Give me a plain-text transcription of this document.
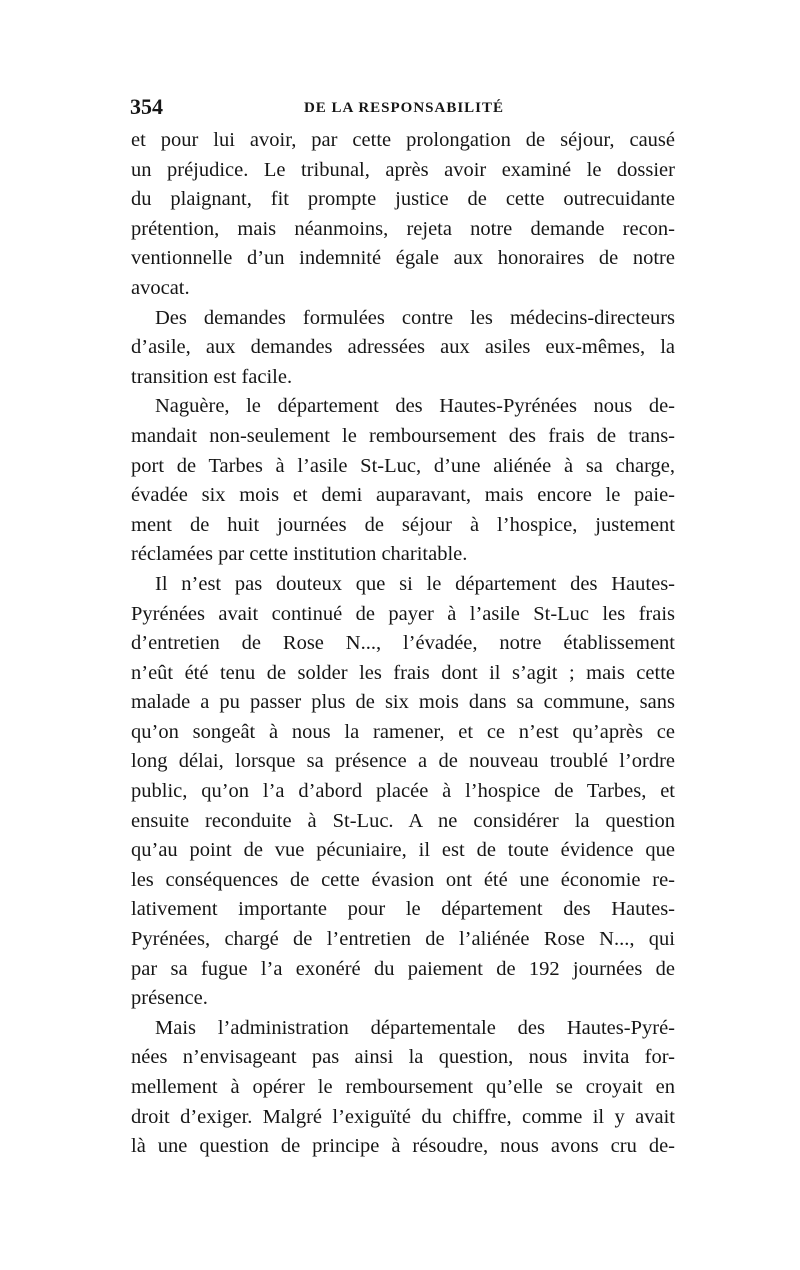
354	DE LA RESPONSABILITÉ
et pour lui avoir, par cette prolongation de séjour, causé
un préjudice. Le tribunal, après avoir examiné le dossier
du plaignant, fit prompte justice de cette outrecuidante
prétention, mais néanmoins, rejeta notre demande recon-
ventionnelle d’un indemnité égale aux honoraires de notre
avocat.
Des demandes formulées contre les médecins-directeurs
d’asile, aux demandes adressées aux asiles eux-mêmes, la
transition est facile.
Naguère, le département des Hautes-Pyrénées nous de-
mandait non-seulement le remboursement des frais de trans-
port de Tarbes à l’asile St-Luc, d’une aliénée à sa charge,
évadée six mois et demi auparavant, mais encore le paie-
ment de huit journées de séjour à l’hospice, justement
réclamées par cette institution charitable.
Il n’est pas douteux que si le département des Hautes-
Pyrénées avait continué de payer à l’asile St-Luc les frais
d’entretien de Rose N..., l’évadée, notre établissement
n’eût été tenu de solder les frais dont il s’agit ; mais cette
malade a pu passer plus de six mois dans sa commune, sans
qu’on songeât à nous la ramener, et ce n’est qu’après ce
long délai, lorsque sa présence a de nouveau troublé l’ordre
public, qu’on l’a d’abord placée à l’hospice de Tarbes, et
ensuite reconduite à St-Luc. A ne considérer la question
qu’au point de vue pécuniaire, il est de toute évidence que
les conséquences de cette évasion ont été une économie re-
lativement importante pour le département des Hautes-
Pyrénées, chargé de l’entretien de l’aliénée Rose N..., qui
par sa fugue l’a exonéré du paiement de 192 journées de
présence.
Mais l’administration départementale des Hautes-Pyré-
nées n’envisageant pas ainsi la question, nous invita for-
mellement à opérer le remboursement qu’elle se croyait en
droit d’exiger. Malgré l’exiguïté du chiffre, comme il y avait
là une question de principe à résoudre, nous avons cru de-
